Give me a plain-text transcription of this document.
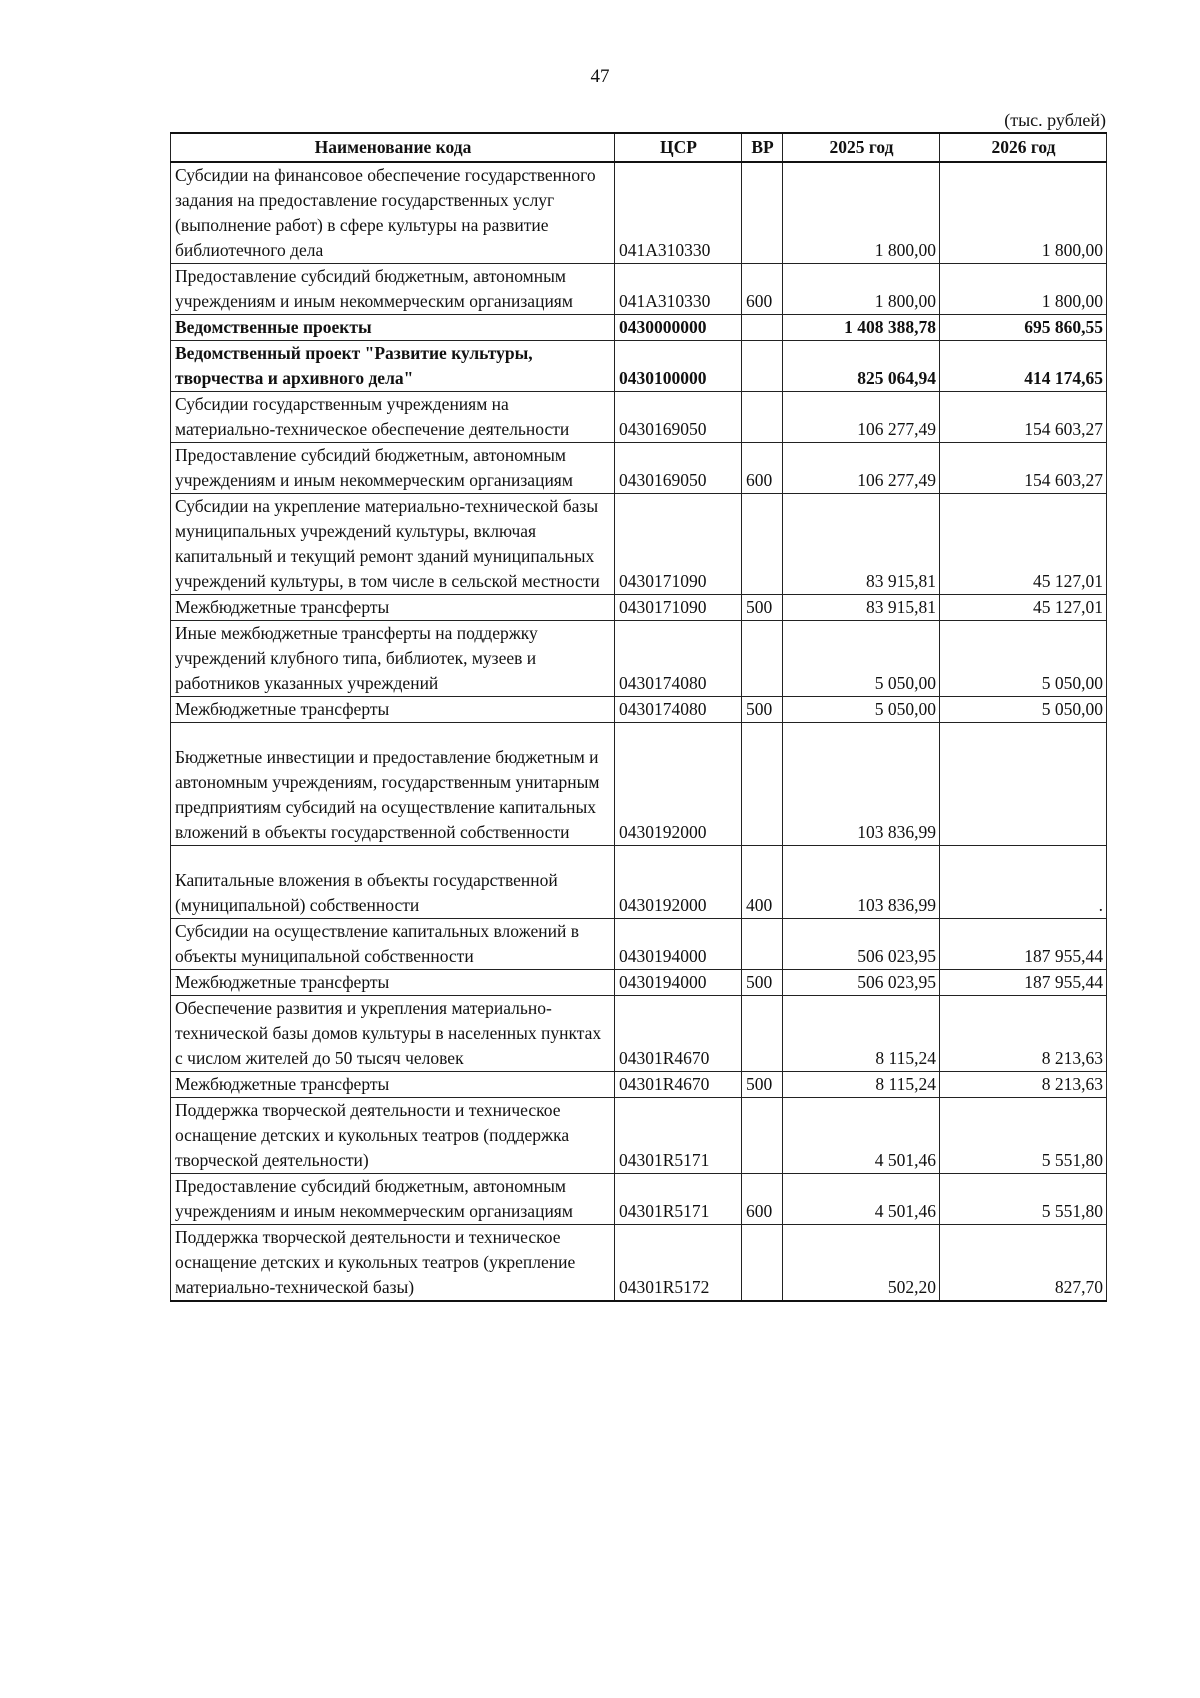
47
(тыс. рублей)
Наименование кода	ЦСР	ВР	2025 год	2026 год
Субсидии на финансовое обеспечение государственного задания на предоставление государственных услуг (выполнение работ) в сфере культуры на развитие библиотечного дела	041А310330		1 800,00	1 800,00
Предоставление субсидий бюджетным, автономным учреждениям и иным некоммерческим организациям	041А310330	600	1 800,00	1 800,00
Ведомственные проекты	0430000000		1 408 388,78	695 860,55
Ведомственный проект "Развитие культуры, творчества и архивного дела"	0430100000		825 064,94	414 174,65
Субсидии государственным учреждениям на материально-техническое обеспечение деятельности	0430169050		106 277,49	154 603,27
Предоставление субсидий бюджетным, автономным учреждениям и иным некоммерческим организациям	0430169050	600	106 277,49	154 603,27
Субсидии на укрепление материально-технической базы муниципальных учреждений культуры, включая капитальный и текущий ремонт зданий муниципальных учреждений культуры, в том числе в сельской местности	0430171090		83 915,81	45 127,01
Межбюджетные трансферты	0430171090	500	83 915,81	45 127,01
Иные межбюджетные трансферты на поддержку учреждений клубного типа, библиотек, музеев и работников указанных учреждений	0430174080		5 050,00	5 050,00
Межбюджетные трансферты	0430174080	500	5 050,00	5 050,00
Бюджетные инвестиции и предоставление бюджетным и автономным учреждениям, государственным унитарным предприятиям субсидий на осуществление капитальных вложений в объекты государственной собственности	0430192000		103 836,99	
Капитальные вложения в объекты государственной (муниципальной) собственности	0430192000	400	103 836,99	.
Субсидии на осуществление капитальных вложений в объекты муниципальной собственности	0430194000		506 023,95	187 955,44
Межбюджетные трансферты	0430194000	500	506 023,95	187 955,44
Обеспечение развития и укрепления материально-технической базы домов культуры в населенных пунктах с числом жителей до 50 тысяч человек	04301R4670		8 115,24	8 213,63
Межбюджетные трансферты	04301R4670	500	8 115,24	8 213,63
Поддержка творческой деятельности и техническое оснащение детских и кукольных театров (поддержка творческой деятельности)	04301R5171		4 501,46	5 551,80
Предоставление субсидий бюджетным, автономным учреждениям и иным некоммерческим организациям	04301R5171	600	4 501,46	5 551,80
Поддержка творческой деятельности и техническое оснащение детских и кукольных театров (укрепление материально-технической базы)	04301R5172		502,20	827,70
